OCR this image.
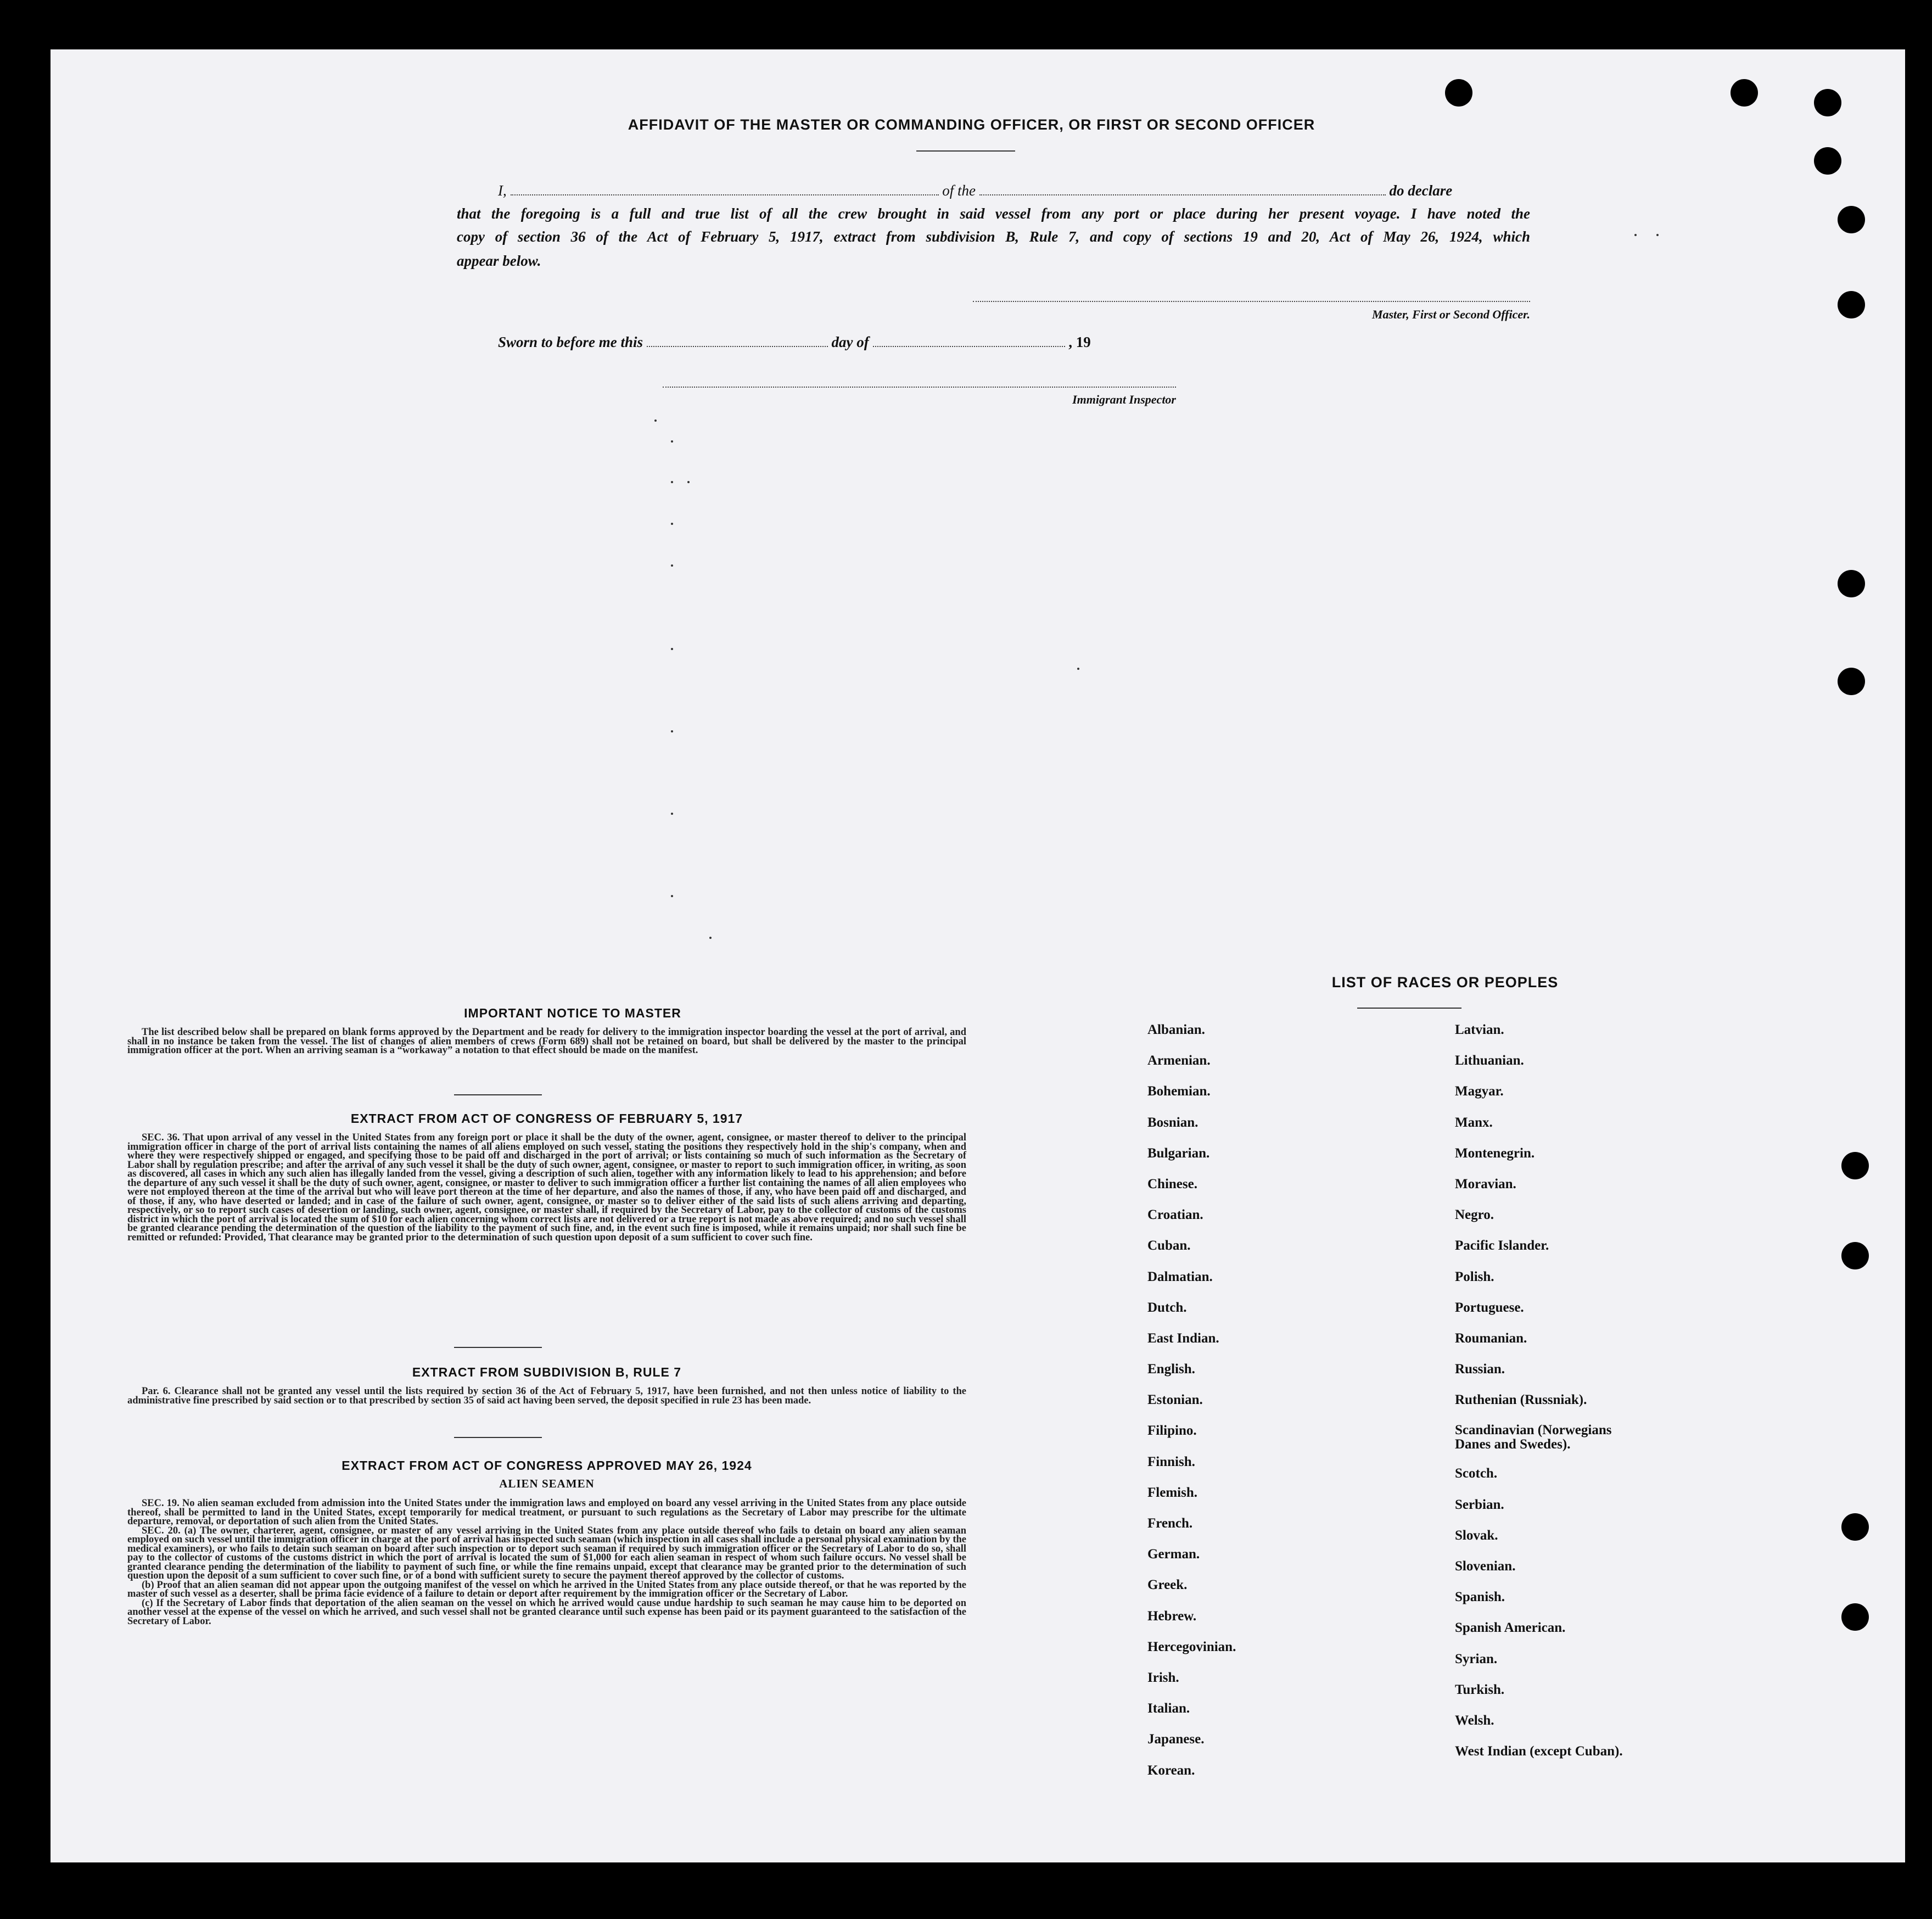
AFFIDAVIT OF THE MASTER OR COMMANDING OFFICER, OR FIRST OR SECOND OFFICER
I,	of the	do declare
that the foregoing is a full and true list of all the crew brought in said vessel from any port or place during her present voyage. I have noted the
copy of section 36 of the Act of February 5, 1917, extract from subdivision B, Rule 7, and copy of sections 19 and 20, Act of May 26, 1924, which
appear below.
Master, First or Second Officer.
Sworn to before me this	day of	, 19
Immigrant Inspector
IMPORTANT NOTICE TO MASTER

The list described below shall be prepared on blank forms approved by the Department and be ready for delivery to the immigration inspector boarding the vessel at the port of arrival, and shall in no instance be taken from the vessel. The list of changes of alien members of crews (Form 689) shall not be retained on board, but shall be delivered by the master to the principal immigration officer at the port. When an arriving seaman is a “workaway” a notation to that effect should be made on the manifest.

EXTRACT FROM ACT OF CONGRESS OF FEBRUARY 5, 1917

SEC. 36. That upon arrival of any vessel in the United States from any foreign port or place it shall be the duty of the owner, agent, consignee, or master thereof to deliver to the principal immigration officer in charge of the port of arrival lists containing the names of all aliens employed on such vessel, stating the positions they respectively hold in the ship's company, when and where they were respectively shipped or engaged, and specifying those to be paid off and discharged in the port of arrival; or lists containing so much of such information as the Secretary of Labor shall by regulation prescribe; and after the arrival of any such vessel it shall be the duty of such owner, agent, consignee, or master to report to such immigration officer, in writing, as soon as discovered, all cases in which any such alien has illegally landed from the vessel, giving a description of such alien, together with any information likely to lead to his apprehension; and before the departure of any such vessel it shall be the duty of such owner, agent, consignee, or master to deliver to such immigration officer a further list containing the names of all alien employees who were not employed thereon at the time of the arrival but who will leave port thereon at the time of her departure, and also the names of those, if any, who have been paid off and discharged, and of those, if any, who have deserted or landed; and in case of the failure of such owner, agent, consignee, or master so to deliver either of the said lists of such aliens arriving and departing, respectively, or so to report such cases of desertion or landing, such owner, agent, consignee, or master shall, if required by the Secretary of Labor, pay to the collector of customs of the customs district in which the port of arrival is located the sum of $10 for each alien concerning whom correct lists are not delivered or a true report is not made as above required; and no such vessel shall be granted clearance pending the determination of the question of the liability to the payment of such fine, and, in the event such fine is imposed, while it remains unpaid; nor shall such fine be remitted or refunded: Provided, That clearance may be granted prior to the determination of such question upon deposit of a sum sufficient to cover such fine.

EXTRACT FROM SUBDIVISION B, RULE 7

Par. 6. Clearance shall not be granted any vessel until the lists required by section 36 of the Act of February 5, 1917, have been furnished, and not then unless notice of liability to the administrative fine prescribed by said section or to that prescribed by section 35 of said act having been served, the deposit specified in rule 23 has been made.

EXTRACT FROM ACT OF CONGRESS APPROVED MAY 26, 1924
ALIEN SEAMEN

SEC. 19. No alien seaman excluded from admission into the United States under the immigration laws and employed on board any vessel arriving in the United States from any place outside thereof, shall be permitted to land in the United States, except temporarily for medical treatment, or pursuant to such regulations as the Secretary of Labor may prescribe for the ultimate departure, removal, or deportation of such alien from the United States.

SEC. 20. (a) The owner, charterer, agent, consignee, or master of any vessel arriving in the United States from any place outside thereof who fails to detain on board any alien seaman employed on such vessel until the immigration officer in charge at the port of arrival has inspected such seaman (which inspection in all cases shall include a personal physical examination by the medical examiners), or who fails to detain such seaman on board after such inspection or to deport such seaman if required by such immigration officer or the Secretary of Labor to do so, shall pay to the collector of customs of the customs district in which the port of arrival is located the sum of $1,000 for each alien seaman in respect of whom such failure occurs. No vessel shall be granted clearance pending the determination of the liability to payment of such fine, or while the fine remains unpaid, except that clearance may be granted prior to the determination of such question upon the deposit of a sum sufficient to cover such fine, or of a bond with sufficient surety to secure the payment thereof approved by the collector of customs.

(b) Proof that an alien seaman did not appear upon the outgoing manifest of the vessel on which he arrived in the United States from any place outside thereof, or that he was reported by the master of such vessel as a deserter, shall be prima facie evidence of a failure to detain or deport after requirement by the immigration officer or the Secretary of Labor.

(c) If the Secretary of Labor finds that deportation of the alien seaman on the vessel on which he arrived would cause undue hardship to such seaman he may cause him to be deported on another vessel at the expense of the vessel on which he arrived, and such vessel shall not be granted clearance until such expense has been paid or its payment guaranteed to the satisfaction of the Secretary of Labor.

LIST OF RACES OR PEOPLES
Albanian.
Armenian.
Bohemian.
Bosnian.
Bulgarian.
Chinese.
Croatian.
Cuban.
Dalmatian.
Dutch.
East Indian.
English.
Estonian.
Filipino.
Finnish.
Flemish.
French.
German.
Greek.
Hebrew.
Hercegovinian.
Irish.
Italian.
Japanese.
Korean.
Latvian.
Lithuanian.
Magyar.
Manx.
Montenegrin.
Moravian.
Negro.
Pacific Islander.
Polish.
Portuguese.
Roumanian.
Russian.
Ruthenian (Russniak).
Scandinavian (Norwegians
Danes and Swedes).
Scotch.
Serbian.
Slovak.
Slovenian.
Spanish.
Spanish American.
Syrian.
Turkish.
Welsh.
West Indian (except Cuban).
